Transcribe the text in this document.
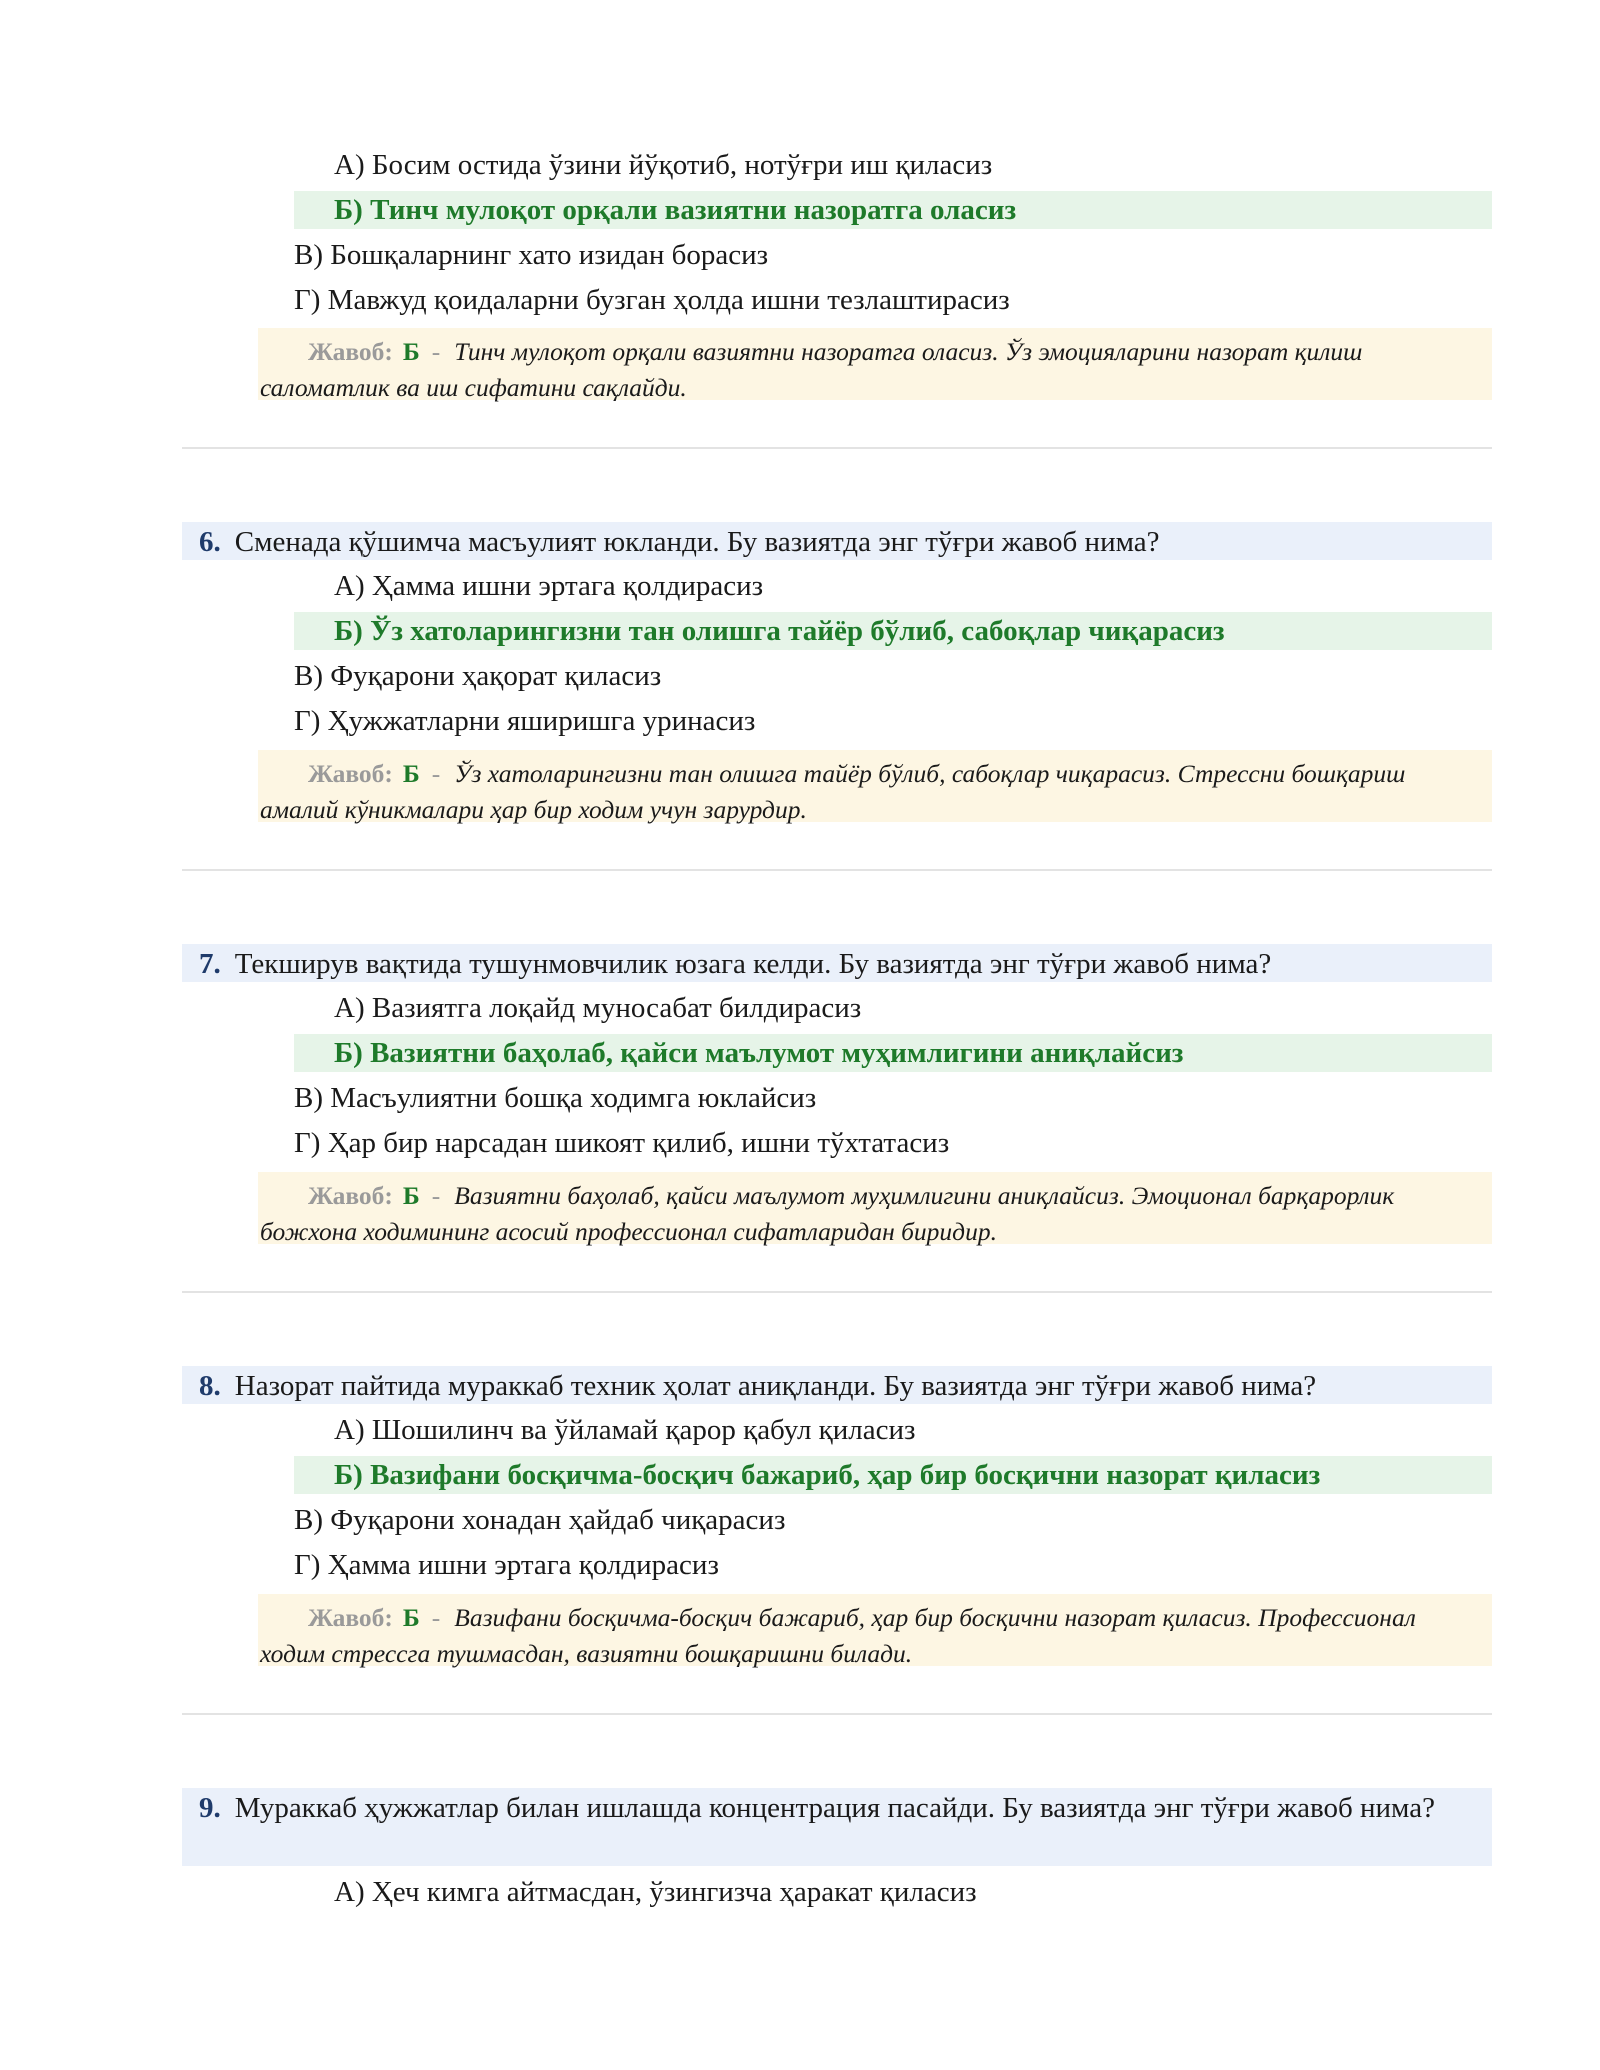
А) Босим остида ўзини йўқотиб, нотўғри иш қиласиз
Б) Тинч мулоқот орқали вазиятни назоратга оласиз
В) Бошқаларнинг хато изидан борасиз
Г) Мавжуд қоидаларни бузган ҳолда ишни тезлаштирасиз
Жавоб: Б - Тинч мулоқот орқали вазиятни назоратга оласиз. Ўз эмоцияларини назорат қилиш саломатлик ва иш сифатини сақлайди.
6. Сменада қўшимча масъулият юкланди. Бу вазиятда энг тўғри жавоб нима?
А) Ҳамма ишни эртага қолдирасиз
Б) Ўз хатоларингизни тан олишга тайёр бўлиб, сабоқлар чиқарасиз
В) Фуқарони ҳақорат қиласиз
Г) Ҳужжатларни яширишга уринасиз
Жавоб: Б - Ўз хатоларингизни тан олишга тайёр бўлиб, сабоқлар чиқарасиз. Стрессни бошқариш амалий кўникмалари ҳар бир ходим учун зарурдир.
7. Текширув вақтида тушунмовчилик юзага келди. Бу вазиятда энг тўғри жавоб нима?
А) Вазиятга лоқайд муносабат билдирасиз
Б) Вазиятни баҳолаб, қайси маълумот муҳимлигини аниқлайсиз
В) Масъулиятни бошқа ходимга юклайсиз
Г) Ҳар бир нарсадан шикоят қилиб, ишни тўхтатасиз
Жавоб: Б - Вазиятни баҳолаб, қайси маълумот муҳимлигини аниқлайсиз. Эмоционал барқарорлик божхона ходимининг асосий профессионал сифатларидан биридир.
8. Назорат пайтида мураккаб техник ҳолат аниқланди. Бу вазиятда энг тўғри жавоб нима?
А) Шошилинч ва ўйламай қарор қабул қиласиз
Б) Вазифани босқичма-босқич бажариб, ҳар бир босқични назорат қиласиз
В) Фуқарони хонадан ҳайдаб чиқарасиз
Г) Ҳамма ишни эртага қолдирасиз
Жавоб: Б - Вазифани босқичма-босқич бажариб, ҳар бир босқични назорат қиласиз. Профессионал ходим стрессга тушмасдан, вазиятни бошқаришни билади.
9. Мураккаб ҳужжатлар билан ишлашда концентрация пасайди. Бу вазиятда энг тўғри жавоб нима?
А) Ҳеч кимга айтмасдан, ўзингизча ҳаракат қиласиз
